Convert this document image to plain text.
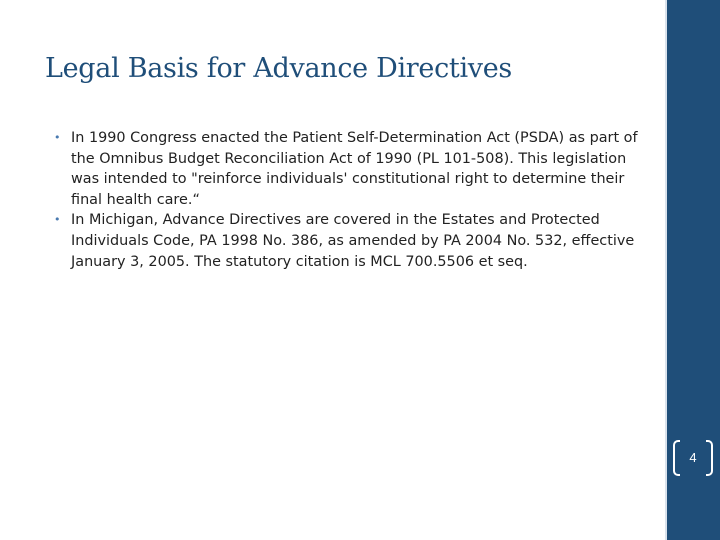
Legal Basis for Advance Directives
• In 1990 Congress enacted the Patient Self-Determination Act (PSDA) as part of the Omnibus Budget Reconciliation Act of 1990 (PL 101-508). This legislation was intended to "reinforce individuals' constitutional right to determine their final health care.“
• In Michigan, Advance Directives are covered in the Estates and Protected Individuals Code, PA 1998 No. 386, as amended by PA 2004 No. 532, effective January 3, 2005. The statutory citation is MCL 700.5506 et seq.
4
